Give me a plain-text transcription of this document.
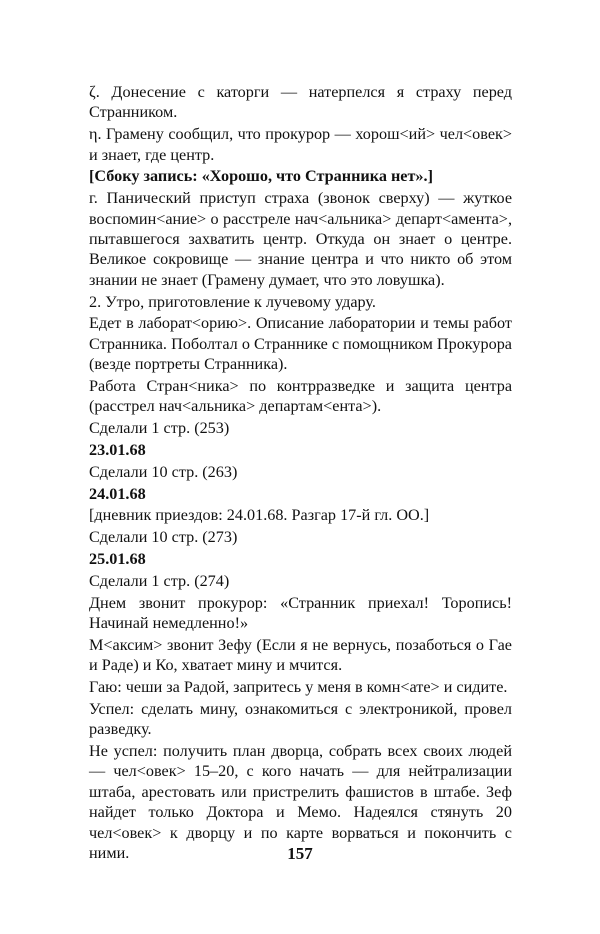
ζ. Донесение с каторги — натерпелся я страху перед Странником.

η. Грамену сообщил, что прокурор — хорош<ий> чел<овек> и знает, где центр.

[Сбоку запись: «Хорошо, что Странника нет».]

г. Панический приступ страха (звонок сверху) — жуткое воспомин<ание> о расстреле нач<альника> департ<амента>, пытавшегося захватить центр. Откуда он знает о центре. Великое сокровище — знание центра и что никто об этом знании не знает (Грамену думает, что это ловушка).

2. Утро, приготовление к лучевому удару.

Едет в лаборат<орию>. Описание лаборатории и темы работ Странника. Поболтал о Страннике с помощником Прокурора (везде портреты Странника).

Работа Стран<ника> по контрразведке и защита центра (расстрел нач<альника> департам<ента>).

Сделали 1 стр. (253)

23.01.68

Сделали 10 стр. (263)

24.01.68

[дневник приездов: 24.01.68. Разгар 17-й гл. ОО.]

Сделали 10 стр. (273)

25.01.68

Сделали 1 стр. (274)

Днем звонит прокурор: «Странник приехал! Торопись! Начинай немедленно!»

М<аксим> звонит Зефу (Если я не вернусь, позаботься о Гае и Раде) и Ко, хватает мину и мчится.

Гаю: чеши за Радой, запритесь у меня в комн<ате> и сидите.

Успел: сделать мину, ознакомиться с электроникой, провел разведку.

Не успел: получить план дворца, собрать всех своих людей — чел<овек> 15–20, с кого начать — для нейтрализации штаба, арестовать или пристрелить фашистов в штабе. Зеф найдет только Доктора и Мемо. Надеялся стянуть 20 чел<овек> к дворцу и по карте ворваться и покончить с ними.	157
